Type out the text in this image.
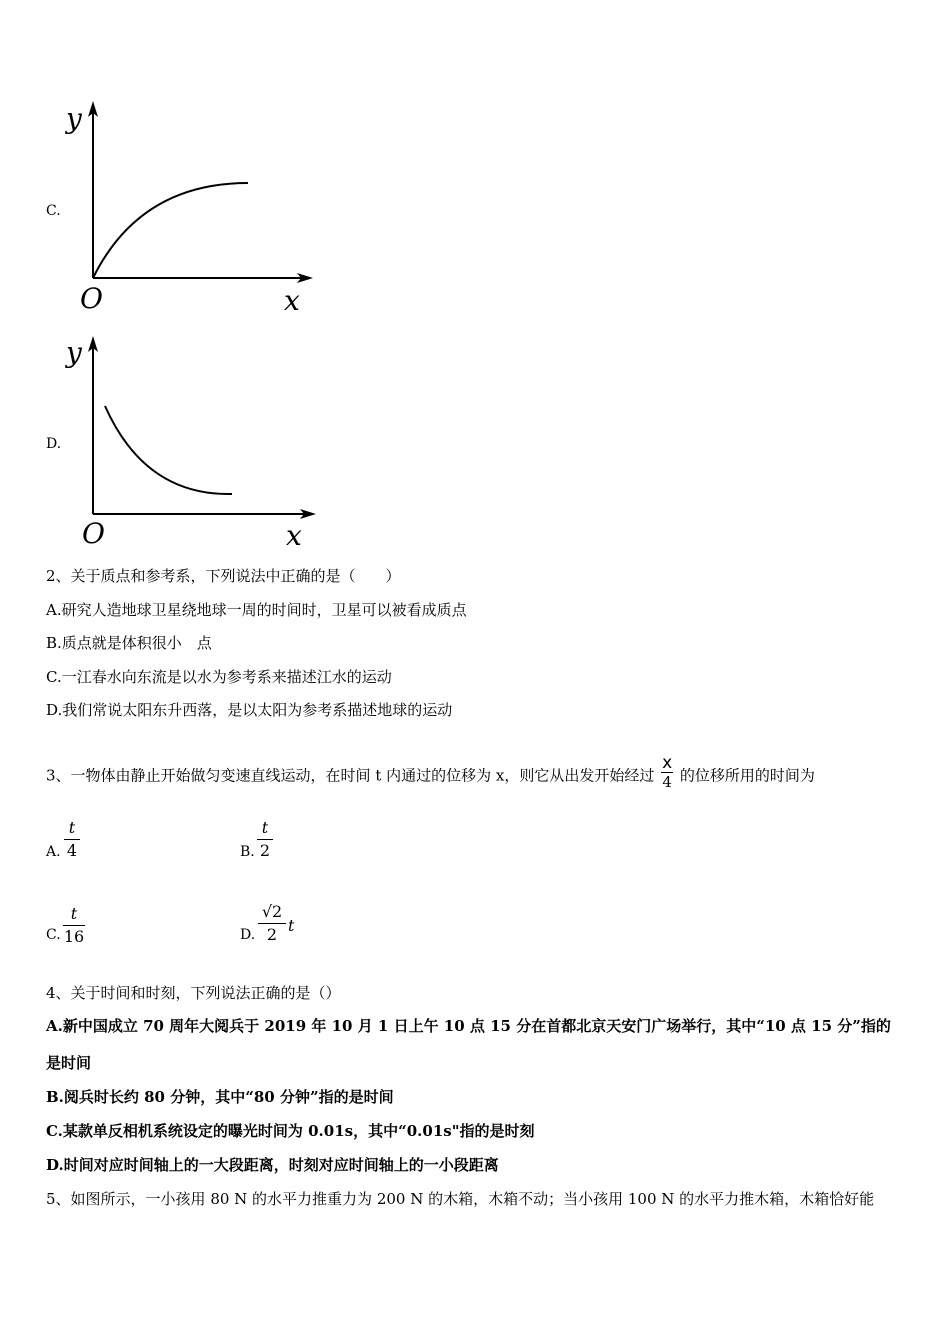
C.
y
O	x
D.
y
O	x
2、关于质点和参考系，下列说法中正确的是（　　）
A.研究人造地球卫星绕地球一周的时间时，卫星可以被看成质点
B.质点就是体积很小　点
C.一江春水向东流是以水为参考系来描述江水的运动
D.我们常说太阳东升西落，是以太阳为参考系描述地球的运动
3、一物体由静止开始做匀变速直线运动，在时间 t 内通过的位移为 x，则它从出发开始经过 $\frac{x}{4}$ 的位移所用的时间为
A.
t
4	B.
t
2
C.
t
16	D.
√2
2 t
4、关于时间和时刻，下列说法正确的是（）
A.新中国成立 70 周年大阅兵于 2019 年 10 月 1 日上午 10 点 15 分在首都北京天安门广场举行，其中“10 点 15 分”指的
是时间
B.阅兵时长约 80 分钟，其中“80 分钟”指的是时间
C.某款单反相机系统设定的曝光时间为 0.01s，其中“0.01s"指的是时刻
D.时间对应时间轴上的一大段距离，时刻对应时间轴上的一小段距离
5、如图所示，一小孩用 80 N 的水平力推重力为 200 N 的木箱，木箱不动；当小孩用 100 N 的水平力推木箱，木箱恰好能
